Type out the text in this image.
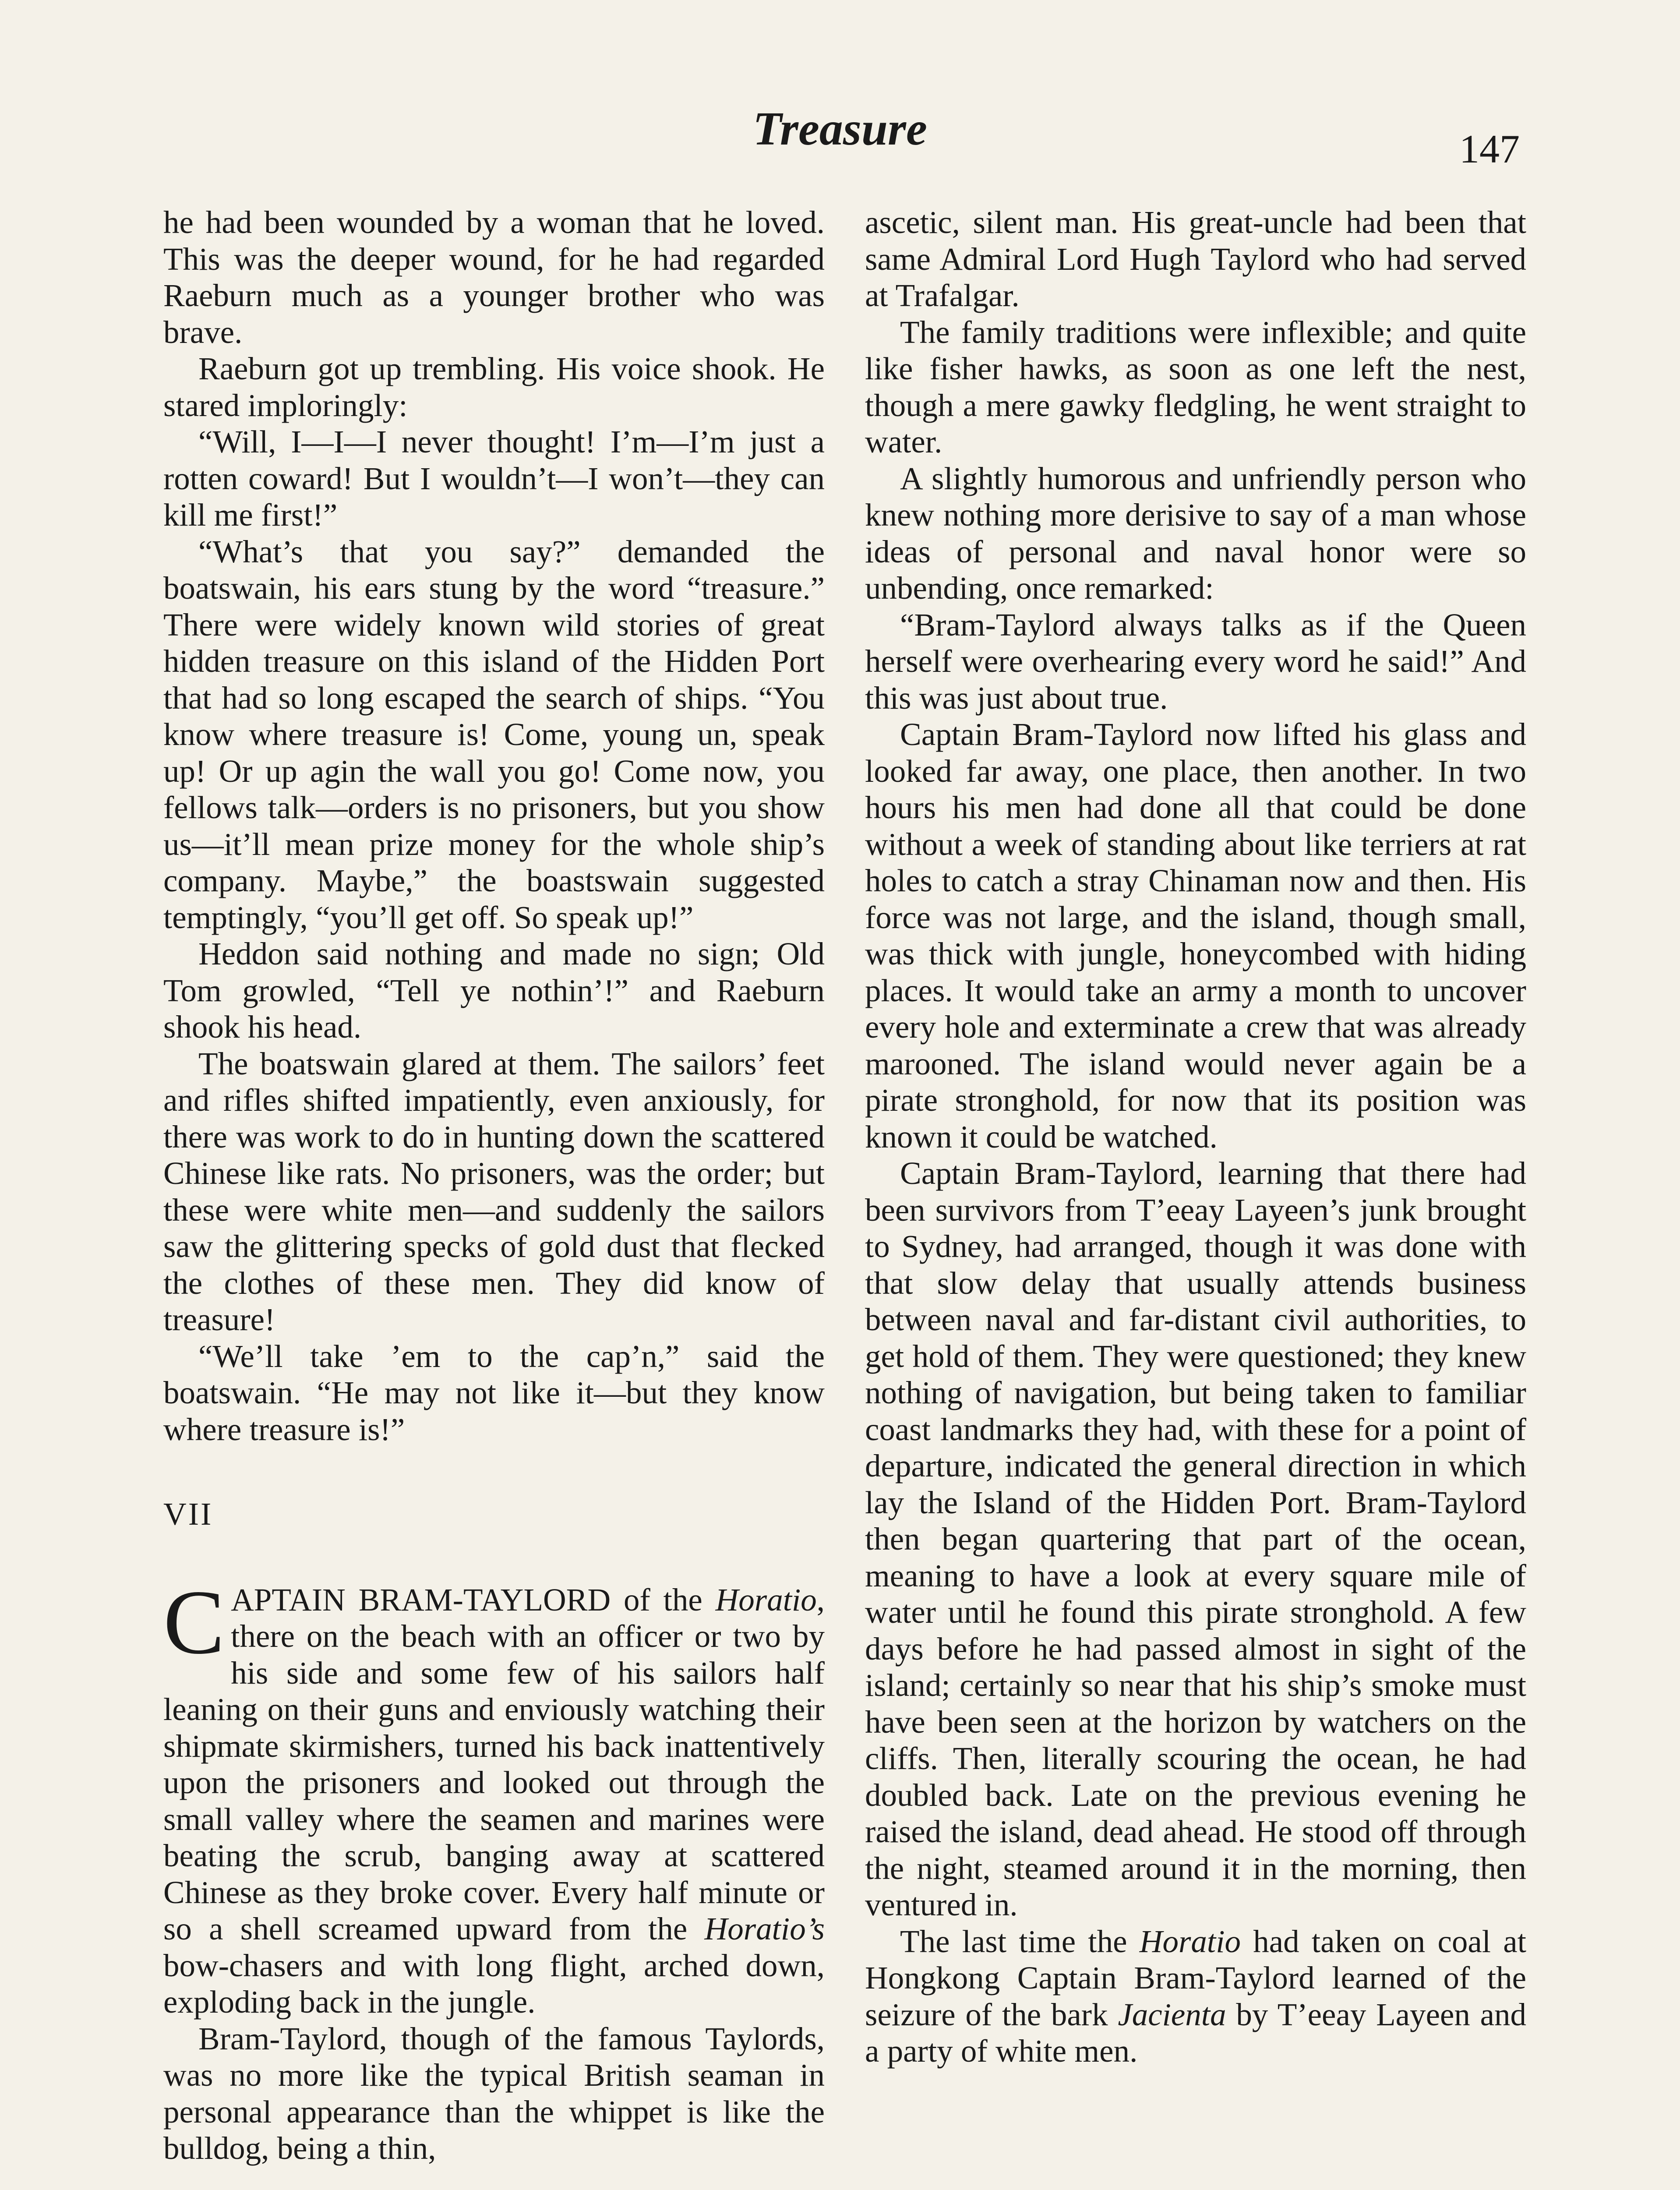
Treasure	147

he had been wounded by a woman that he loved. This was the deeper wound, for he had regarded Raeburn much as a younger brother who was brave.

Raeburn got up trembling. His voice shook. He stared imploringly:

“Will, I—I—I never thought! I’m—I’m just a rotten coward! But I wouldn’t—I won’t—they can kill me first!”

“What’s that you say?” demanded the boatswain, his ears stung by the word “treasure.” There were widely known wild stories of great hidden treasure on this island of the Hidden Port that had so long escaped the search of ships. “You know where treasure is! Come, young un, speak up! Or up agin the wall you go! Come now, you fellows talk—orders is no prisoners, but you show us—it’ll mean prize money for the whole ship’s company. Maybe,” the boastswain suggested temptingly, “you’ll get off. So speak up!”

Heddon said nothing and made no sign; Old Tom growled, “Tell ye nothin’!” and Raeburn shook his head.

The boatswain glared at them. The sailors’ feet and rifles shifted impatiently, even anxiously, for there was work to do in hunting down the scattered Chinese like rats. No prisoners, was the order; but these were white men—and suddenly the sailors saw the glittering specks of gold dust that flecked the clothes of these men. They did know of treasure!

“We’ll take ’em to the cap’n,” said the boatswain. “He may not like it—but they know where treasure is!”

VII

CAPTAIN BRAM-TAYLORD of the Horatio, there on the beach with an officer or two by his side and some few of his sailors half leaning on their guns and enviously watching their shipmate skirmishers, turned his back inattentively upon the prisoners and looked out through the small valley where the seamen and marines were beating the scrub, banging away at scattered Chinese as they broke cover. Every half minute or so a shell screamed upward from the Horatio’s bow-chasers and with long flight, arched down, exploding back in the jungle.

Bram-Taylord, though of the famous Taylords, was no more like the typical British seaman in personal appearance than the whippet is like the bulldog, being a thin,

ascetic, silent man. His great-uncle had been that same Admiral Lord Hugh Taylord who had served at Trafalgar.

The family traditions were inflexible; and quite like fisher hawks, as soon as one left the nest, though a mere gawky fledgling, he went straight to water.

A slightly humorous and unfriendly person who knew nothing more derisive to say of a man whose ideas of personal and naval honor were so unbending, once remarked:

“Bram-Taylord always talks as if the Queen herself were overhearing every word he said!” And this was just about true.

Captain Bram-Taylord now lifted his glass and looked far away, one place, then another. In two hours his men had done all that could be done without a week of standing about like terriers at rat holes to catch a stray Chinaman now and then. His force was not large, and the island, though small, was thick with jungle, honeycombed with hiding places. It would take an army a month to uncover every hole and exterminate a crew that was already marooned. The island would never again be a pirate stronghold, for now that its position was known it could be watched.

Captain Bram-Taylord, learning that there had been survivors from T’eeay Layeen’s junk brought to Sydney, had arranged, though it was done with that slow delay that usually attends business between naval and far-distant civil authorities, to get hold of them. They were questioned; they knew nothing of navigation, but being taken to familiar coast landmarks they had, with these for a point of departure, indicated the general direction in which lay the Island of the Hidden Port. Bram-Taylord then began quartering that part of the ocean, meaning to have a look at every square mile of water until he found this pirate stronghold. A few days before he had passed almost in sight of the island; certainly so near that his ship’s smoke must have been seen at the horizon by watchers on the cliffs. Then, literally scouring the ocean, he had doubled back. Late on the previous evening he raised the island, dead ahead. He stood off through the night, steamed around it in the morning, then ventured in.

The last time the Horatio had taken on coal at Hongkong Captain Bram-Taylord learned of the seizure of the bark Jacienta by T’eeay Layeen and a party of white men.
